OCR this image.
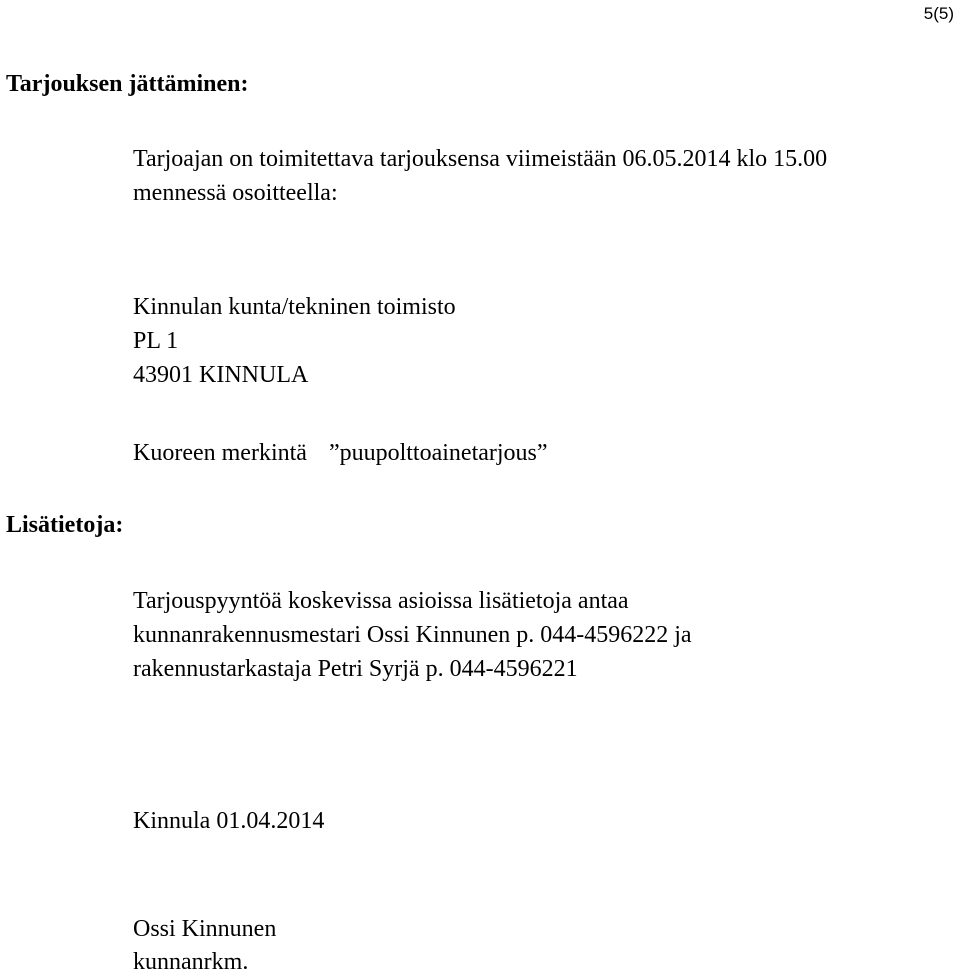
5(5)
Tarjouksen jättäminen:
Tarjoajan on toimitettava tarjouksensa viimeistään 06.05.2014 klo 15.00
mennessä osoitteella:
Kinnulan kunta/tekninen toimisto
PL 1
43901 KINNULA
Kuoreen merkintä ”puupolttoainetarjous”
Lisätietoja:
Tarjouspyyntöä koskevissa asioissa lisätietoja antaa
kunnanrakennusmestari Ossi Kinnunen p. 044-4596222 ja
rakennustarkastaja Petri Syrjä p. 044-4596221
Kinnula 01.04.2014
Ossi Kinnunen
kunnanrkm.
